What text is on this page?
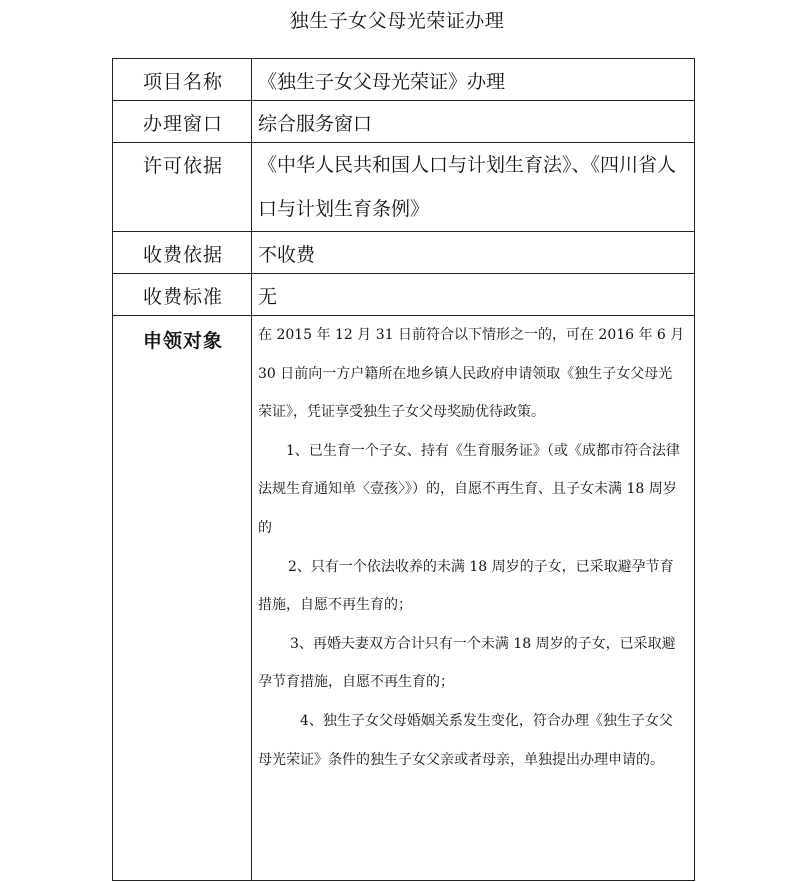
独生子女父母光荣证办理
项目名称	《独生子女父母光荣证》办理

办理窗口	综合服务窗口

许可依据	《中华人民共和国人口与计划生育法》、《四川省人口与计划生育条例》

收费依据	不收费

收费标准	无

申领对象	在 2015 年 12 月 31 日前符合以下情形之一的，可在 2016 年 6 月 30 日前向一方户籍所在地乡镇人民政府申请领取《独生子女父母光荣证》，凭证享受独生子女父母奖励优待政策。

1、已生育一个子女、持有《生育服务证》（或《成都市符合法律法规生育通知单〈壹孩〉》）的，自愿不再生育、且子女未满 18 周岁的

2、只有一个依法收养的未满 18 周岁的子女，已采取避孕节育措施，自愿不再生育的；

3、再婚夫妻双方合计只有一个未满 18 周岁的子女，已采取避孕节育措施，自愿不再生育的；

4、独生子女父母婚姻关系发生变化，符合办理《独生子女父母光荣证》条件的独生子女父亲或者母亲，单独提出办理申请的。
